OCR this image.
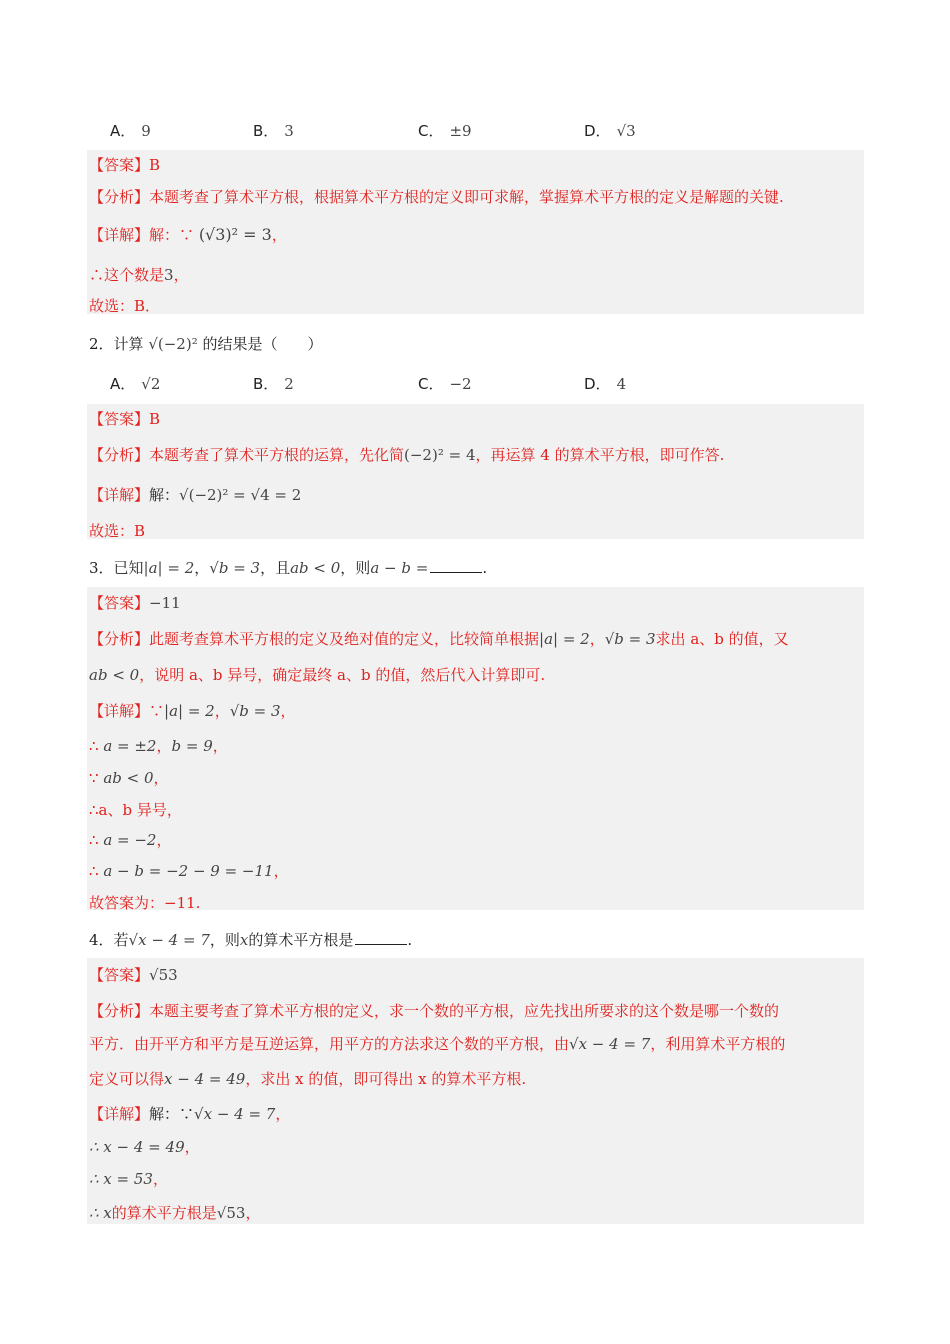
A． 9	B． 3	C． ±9	D． √3
【答案】B
【分析】本题考查了算术平方根，根据算术平方根的定义即可求解，掌握算术平方根的定义是解题的关键.
【详解】解：∵ (√3)² = 3，
∴这个数是3，
故选：B．
2．计算 √(−2)² 的结果是（　　）
A． √2	B． 2	C． −2	D． 4
【答案】B
【分析】本题考查了算术平方根的运算，先化简(−2)² = 4，再运算 4 的算术平方根，即可作答.
【详解】解：√(−2)² = √4 = 2
故选：B
3．已知|a| = 2，√b = 3，且ab < 0，则a − b =	.
【答案】−11
【分析】此题考查算术平方根的定义及绝对值的定义，比较简单根据|a| = 2，√b = 3求出 a、b 的值，又
ab < 0，说明 a、b 异号，确定最终 a、b 的值，然后代入计算即可.
【详解】∵|a| = 2，√b = 3，
∴ a = ±2，b = 9，
∵ ab < 0，
∴a、b 异号，
∴ a = −2，
∴ a − b = −2 − 9 = −11，
故答案为：−11.
4．若√x − 4 = 7，则x的算术平方根是	.
【答案】√53
【分析】本题主要考查了算术平方根的定义，求一个数的平方根，应先找出所要求的这个数是哪一个数的
平方．由开平方和平方是互逆运算，用平方的方法求这个数的平方根，由√x − 4 = 7，利用算术平方根的
定义可以得x − 4 = 49，求出 x 的值，即可得出 x 的算术平方根.
【详解】解：∵√x − 4 = 7，
∴ x − 4 = 49，
∴ x = 53，
∴ x的算术平方根是√53，
